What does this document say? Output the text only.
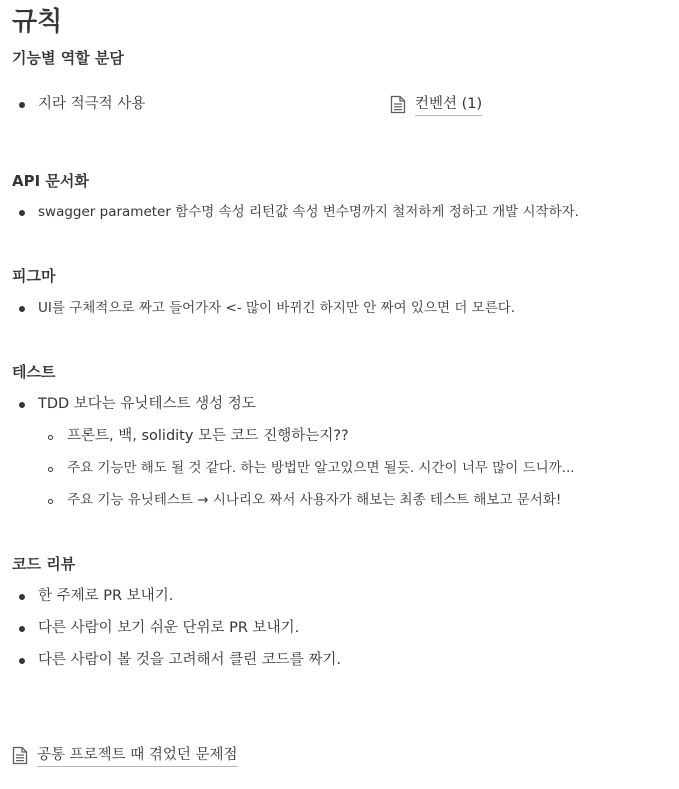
규칙
기능별 역할 분담
지라 적극적 사용	컨벤션 (1)
API 문서화
swagger parameter 함수명 속성 리턴값 속성 변수명까지 철저하게 정하고 개발 시작하자.
피그마
UI를 구체적으로 짜고 들어가자 <- 많이 바뀌긴 하지만 안 짜여 있으면 더 모른다.
테스트
TDD 보다는 유닛테스트 생성 정도
프론트, 백, solidity 모든 코드 진행하는지??
주요 기능만 해도 될 것 같다. 하는 방법만 알고있으면 될듯. 시간이 너무 많이 드니까...
주요 기능 유닛테스트 → 시나리오 짜서 사용자가 해보는 최종 테스트 해보고 문서화!
코드 리뷰
한 주제로 PR 보내기.
다른 사람이 보기 쉬운 단위로 PR 보내기.
다른 사람이 볼 것을 고려해서 클린 코드를 짜기.
공통 프로젝트 때 겪었던 문제점
